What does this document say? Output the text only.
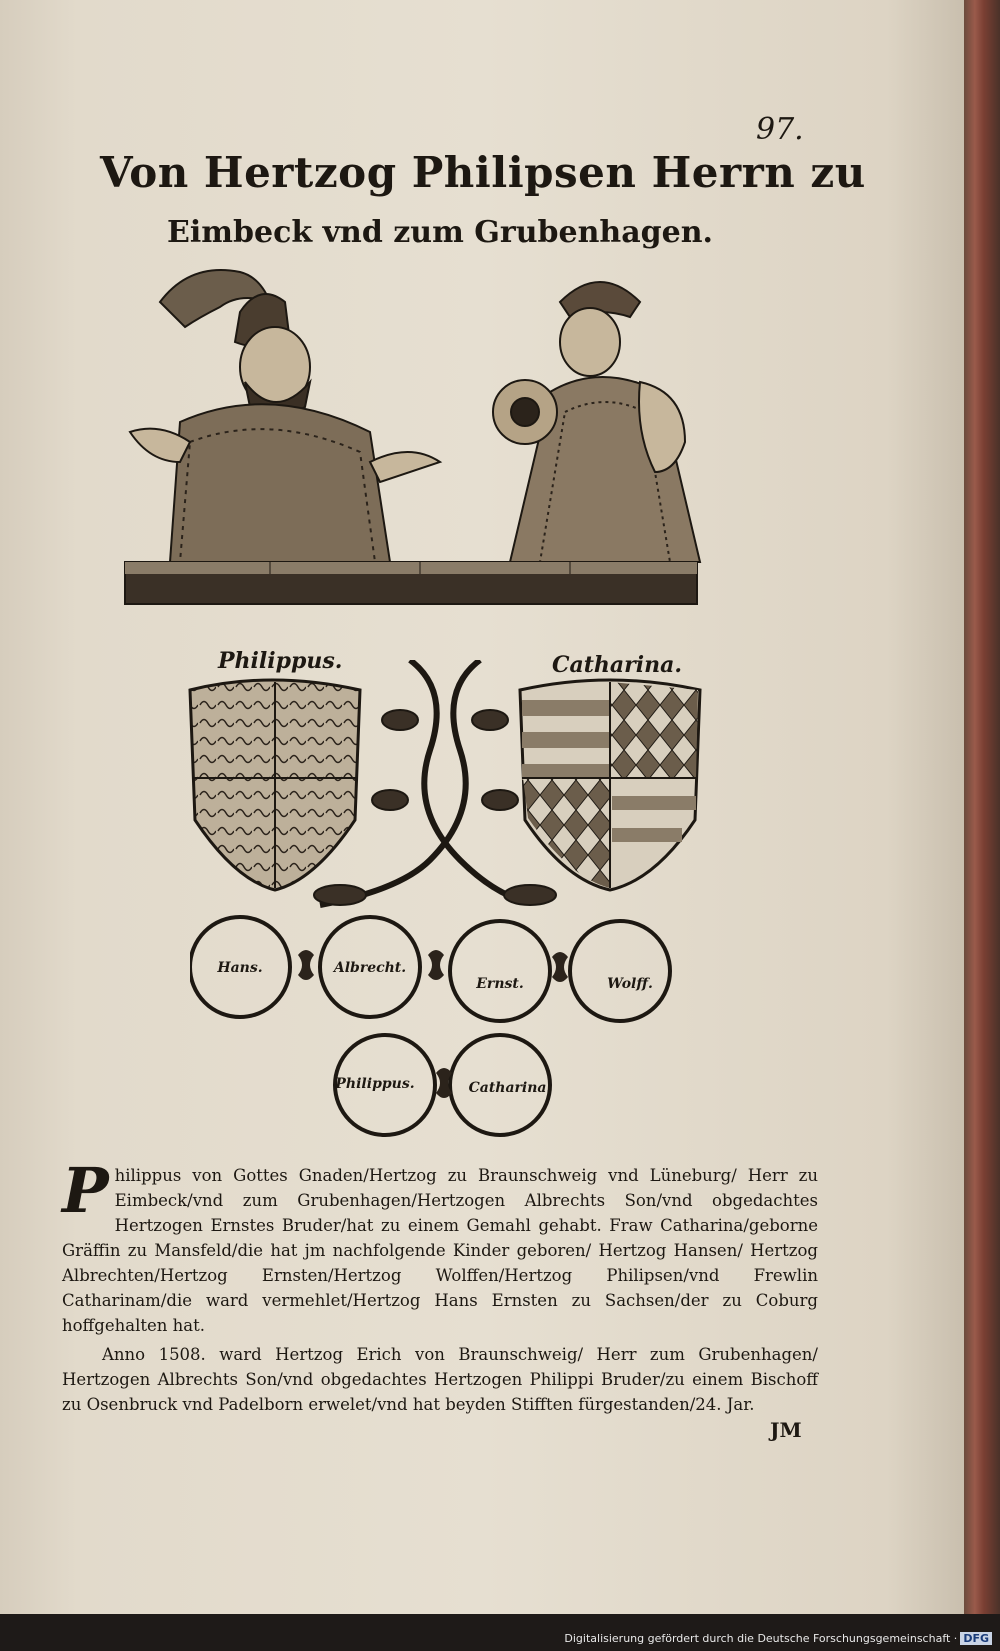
Digitalisierung gefördert durch die Deutsche Forschungsgemeinschaft · DFG
97.
Von Hertzog Philipsen Herrn zu
Eimbeck vnd zum Grubenhagen.
Philippus.	Catharina.
Hans.	Albrecht.
Ernst.	Wolff.
Philippus.	Catharina.

Philippus von Gottes Gnaden/Hertzog zu Braunschweig vnd Lüneburg/ Herr zu Eimbeck/vnd zum Grubenhagen/Hertzogen Albrechts Son/vnd obgedachtes Hertzogen Ernstes Bruder/hat zu einem Gemahl gehabt. Fraw Catharina/geborne Gräffin zu Mansfeld/die hat jm nachfolgende Kinder geboren/ Hertzog Hansen/ Hertzog Albrechten/Hertzog Ernsten/Hertzog Wolffen/Hertzog Philipsen/vnd Frewlin Catharinam/die ward vermehlet/Hertzog Hans Ernsten zu Sachsen/der zu Coburg hoffgehalten hat.

Anno 1508. ward Hertzog Erich von Braunschweig/ Herr zum Grubenhagen/ Hertzogen Albrechts Son/vnd obgedachtes Hertzogen Philippi Bruder/zu einem Bischoff zu Osenbruck vnd Padelborn erwelet/vnd hat beyden Stifften fürgestanden/24. Jar.

JM
